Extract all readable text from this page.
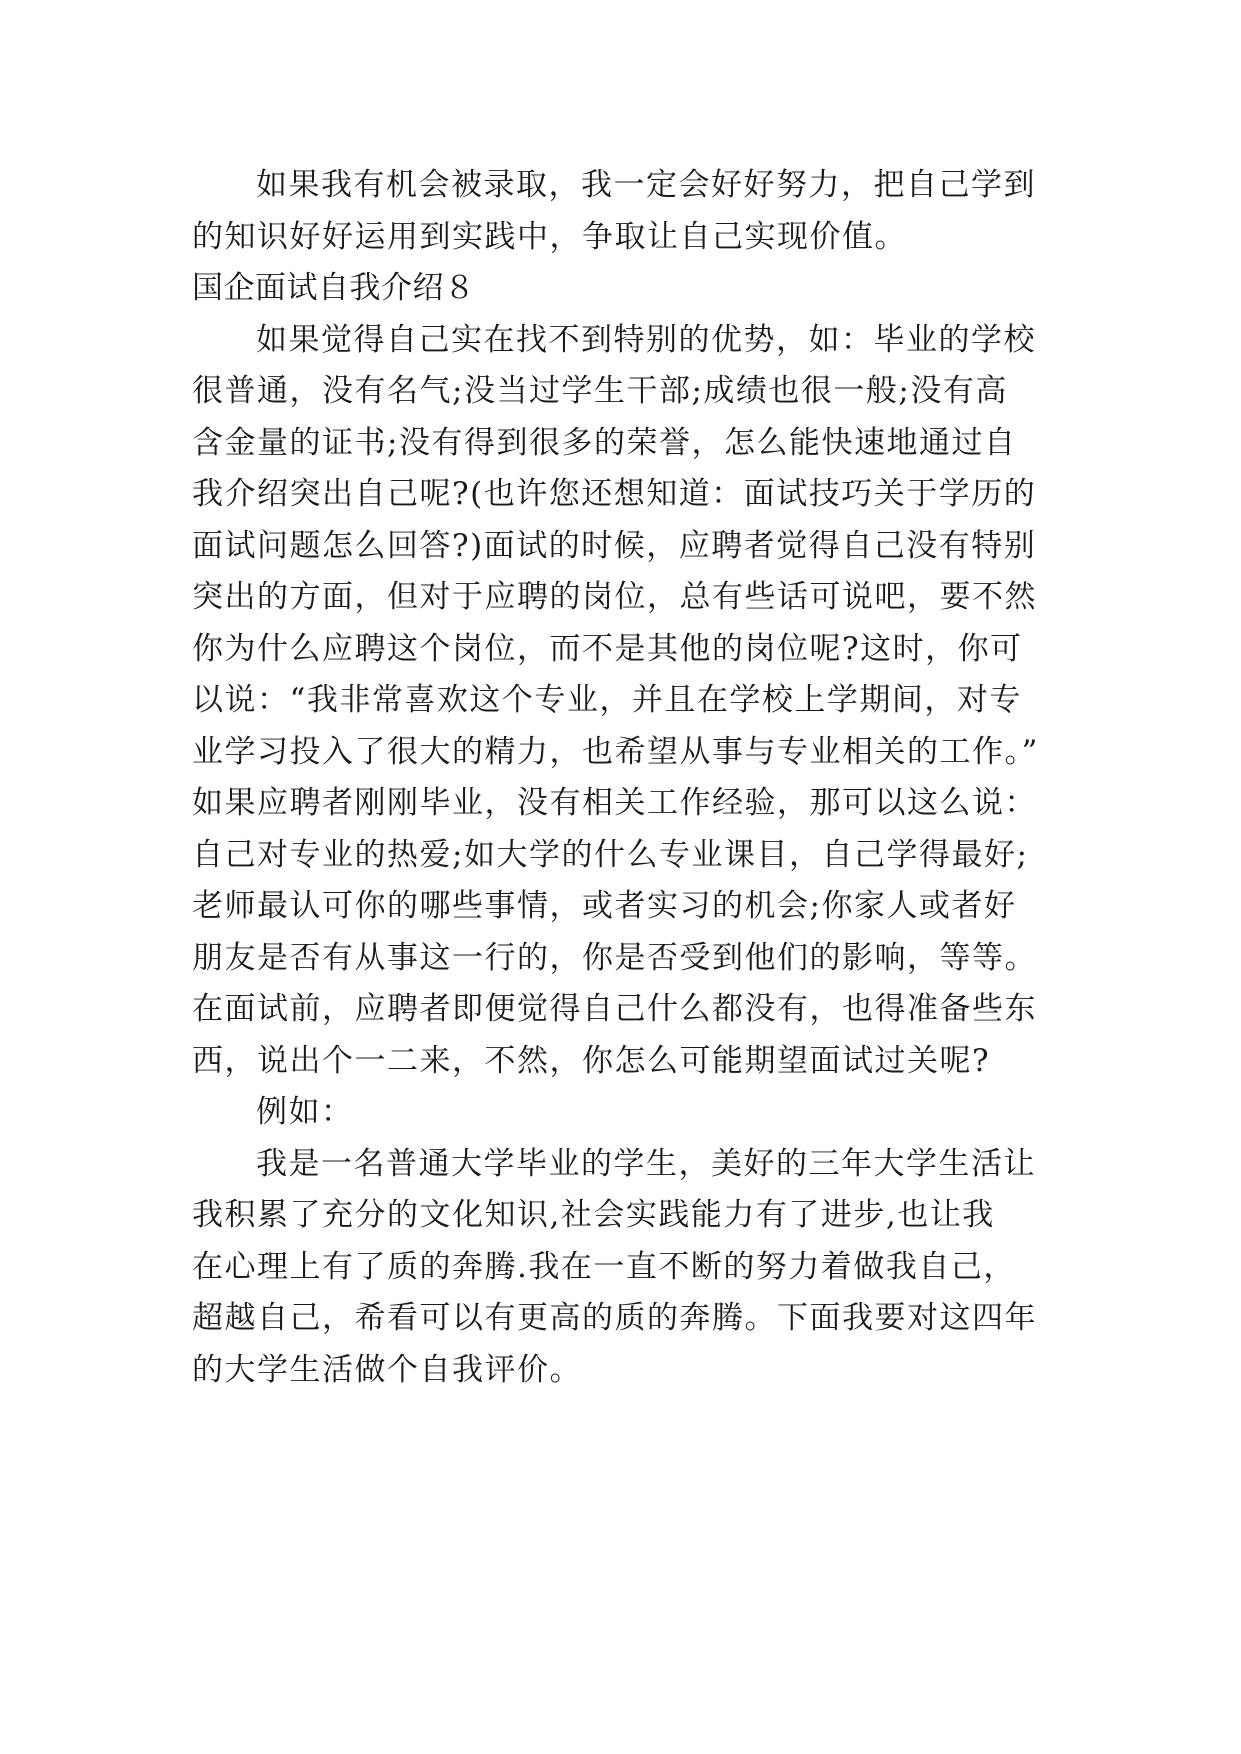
如果我有机会被录取，我一定会好好努力，把自己学到
的知识好好运用到实践中，争取让自己实现价值。
国企面试自我介绍８
如果觉得自己实在找不到特别的优势，如：毕业的学校
很普通，没有名气;没当过学生干部;成绩也很一般;没有高
含金量的证书;没有得到很多的荣誉，怎么能快速地通过自
我介绍突出自己呢?(也许您还想知道：面试技巧关于学历的
面试问题怎么回答?)面试的时候，应聘者觉得自己没有特别
突出的方面，但对于应聘的岗位，总有些话可说吧，要不然
你为什么应聘这个岗位，而不是其他的岗位呢?这时，你可
以说：“我非常喜欢这个专业，并且在学校上学期间，对专
业学习投入了很大的精力，也希望从事与专业相关的工作。”
如果应聘者刚刚毕业，没有相关工作经验，那可以这么说：
自己对专业的热爱;如大学的什么专业课目，自己学得最好;
老师最认可你的哪些事情，或者实习的机会;你家人或者好
朋友是否有从事这一行的，你是否受到他们的影响，等等。
在面试前，应聘者即便觉得自己什么都没有，也得准备些东
西，说出个一二来，不然，你怎么可能期望面试过关呢?
例如：
我是一名普通大学毕业的学生，美好的三年大学生活让
我积累了充分的文化知识,社会实践能力有了进步,也让我
在心理上有了质的奔腾.我在一直不断的努力着做我自己，
超越自己，希看可以有更高的质的奔腾。下面我要对这四年
的大学生活做个自我评价。
